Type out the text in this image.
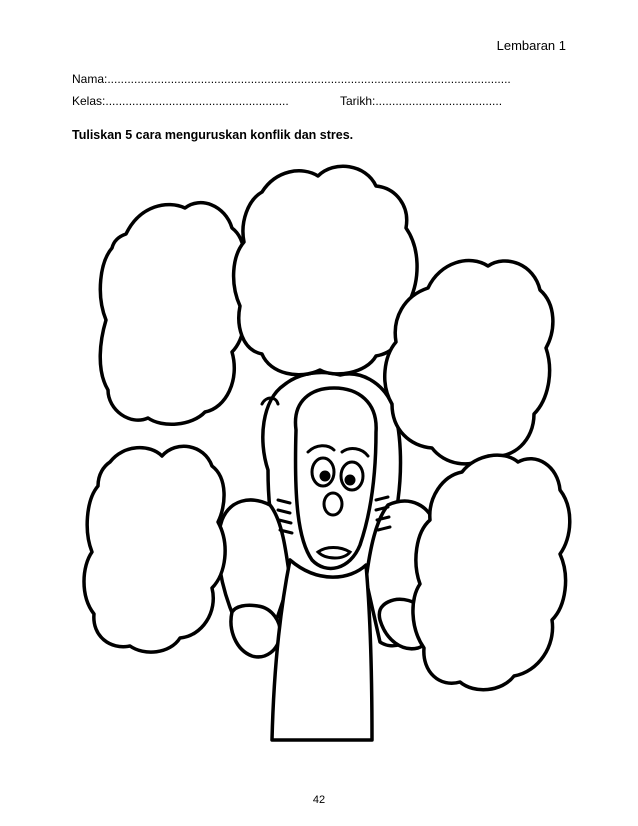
Lembaran 1
Nama:.........................................................................................................................
Kelas:.......................................................	Tarikh:......................................
Tuliskan 5 cara menguruskan konflik dan stres.
42
